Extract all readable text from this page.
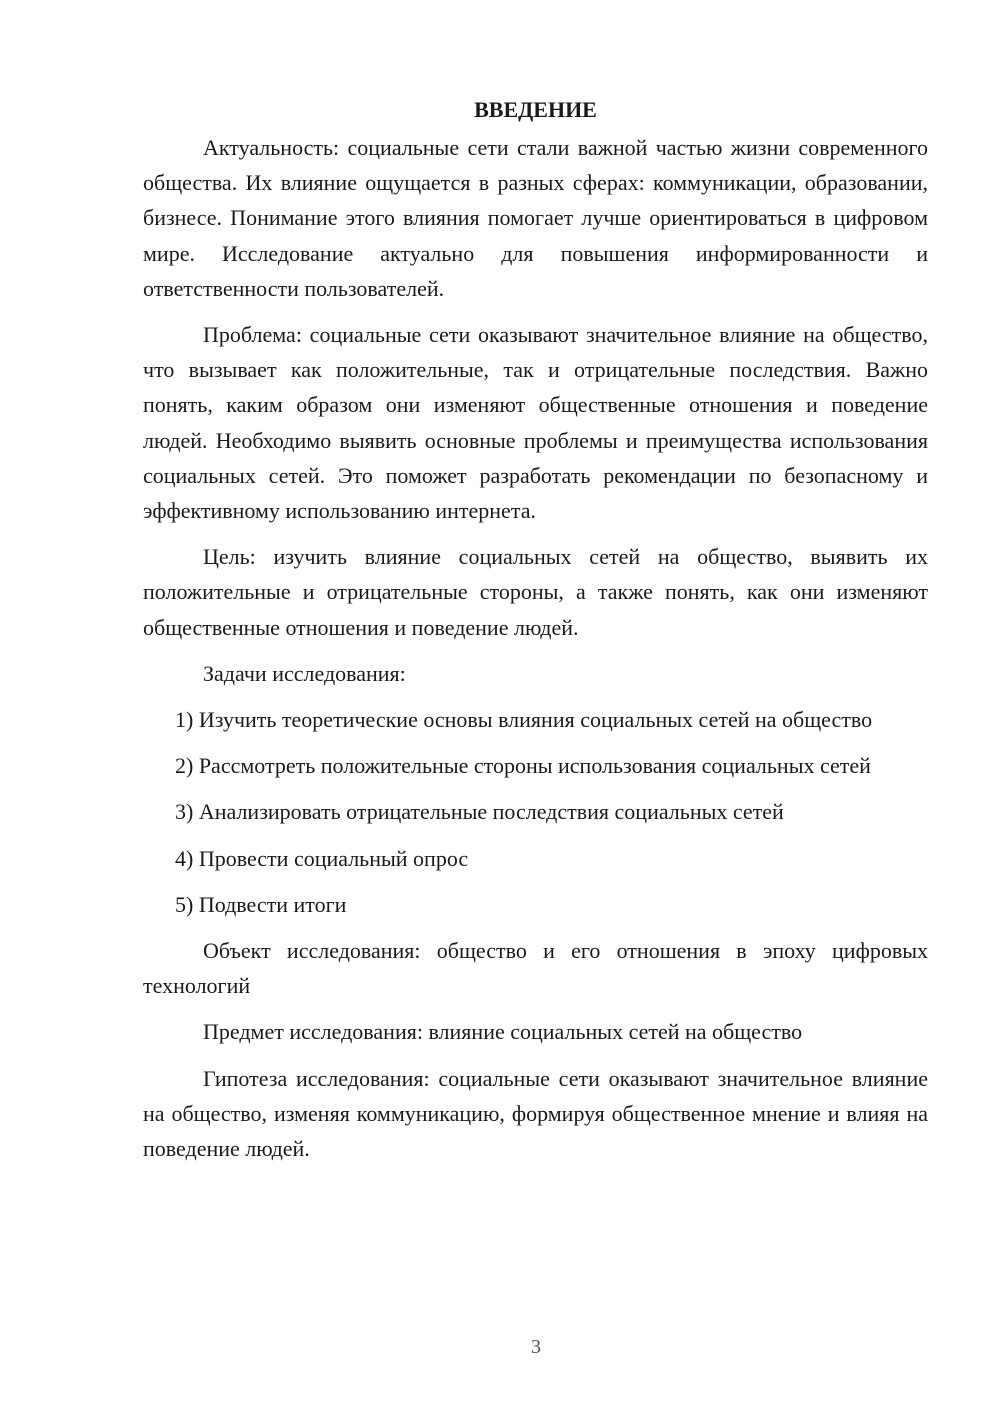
ВВЕДЕНИЕ

Актуальность: социальные сети стали важной частью жизни современного общества. Их влияние ощущается в разных сферах: коммуникации, образовании, бизнесе. Понимание этого влияния помогает лучше ориентироваться в цифровом мире. Исследование актуально для повышения информированности и ответственности пользователей.

Проблема: социальные сети оказывают значительное влияние на общество, что вызывает как положительные, так и отрицательные последствия. Важно понять, каким образом они изменяют общественные отношения и поведение людей. Необходимо выявить основные проблемы и преимущества использования социальных сетей. Это поможет разработать рекомендации по безопасному и эффективному использованию интернета.

Цель: изучить влияние социальных сетей на общество, выявить их положительные и отрицательные стороны, а также понять, как они изменяют общественные отношения и поведение людей.

Задачи исследования:

1) Изучить теоретические основы влияния социальных сетей на общество

2) Рассмотреть положительные стороны использования социальных сетей

3) Анализировать отрицательные последствия социальных сетей

4) Провести социальный опрос

5) Подвести итоги

Объект исследования: общество и его отношения в эпоху цифровых технологий

Предмет исследования: влияние социальных сетей на общество

Гипотеза исследования: социальные сети оказывают значительное влияние на общество, изменяя коммуникацию, формируя общественное мнение и влияя на поведение людей.

3
